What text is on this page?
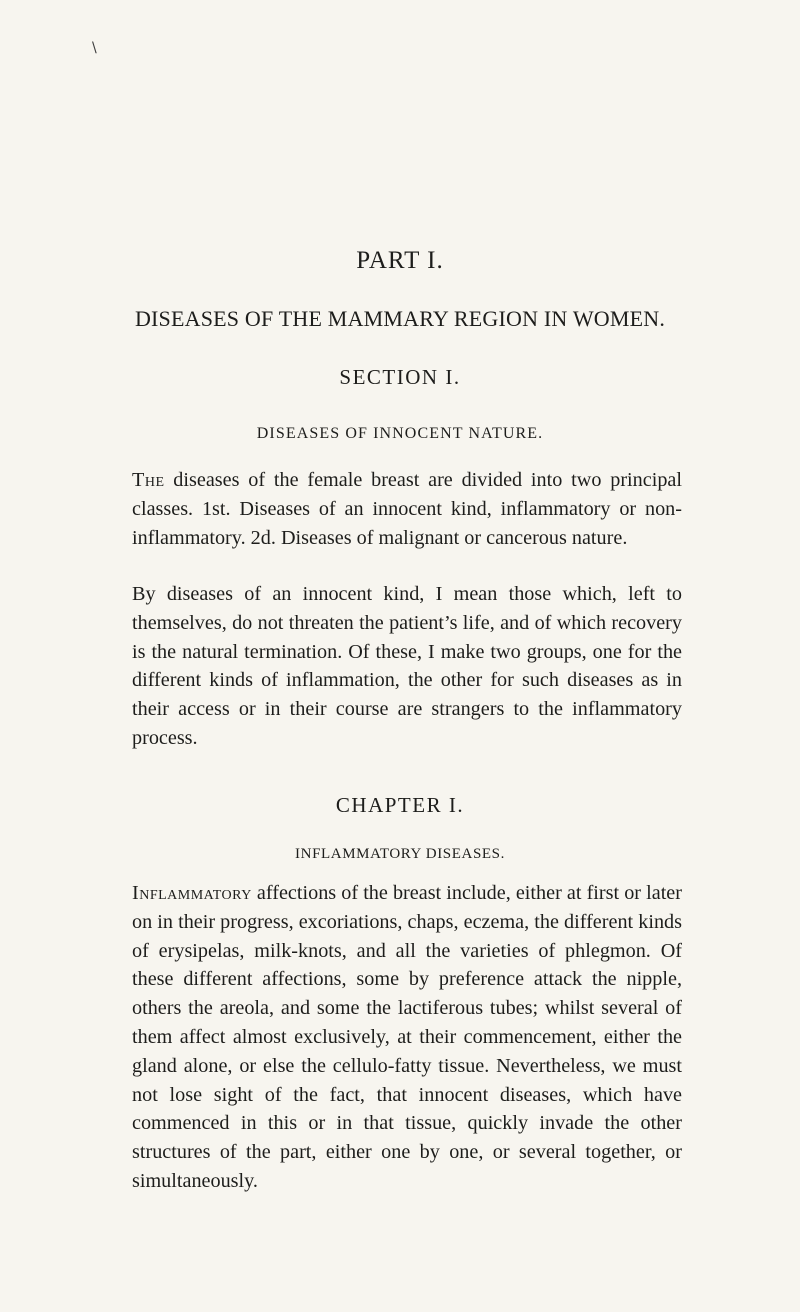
\
PART I.
DISEASES OF THE MAMMARY REGION IN WOMEN.
SECTION I.
DISEASES OF INNOCENT NATURE.

The diseases of the female breast are divided into two principal classes. 1st. Diseases of an innocent kind, inflammatory or non-inflammatory. 2d. Diseases of malignant or cancerous nature.

By diseases of an innocent kind, I mean those which, left to themselves, do not threaten the patient’s life, and of which recovery is the natural termination. Of these, I make two groups, one for the different kinds of inflammation, the other for such diseases as in their access or in their course are strangers to the inflammatory process.

CHAPTER I.
INFLAMMATORY DISEASES.

Inflammatory affections of the breast include, either at first or later on in their progress, excoriations, chaps, eczema, the different kinds of erysipelas, milk-knots, and all the varieties of phlegmon. Of these different affections, some by preference attack the nipple, others the areola, and some the lactiferous tubes; whilst several of them affect almost exclusively, at their commencement, either the gland alone, or else the cellulo-fatty tissue. Nevertheless, we must not lose sight of the fact, that innocent diseases, which have commenced in this or in that tissue, quickly invade the other structures of the part, either one by one, or several together, or simultaneously.
